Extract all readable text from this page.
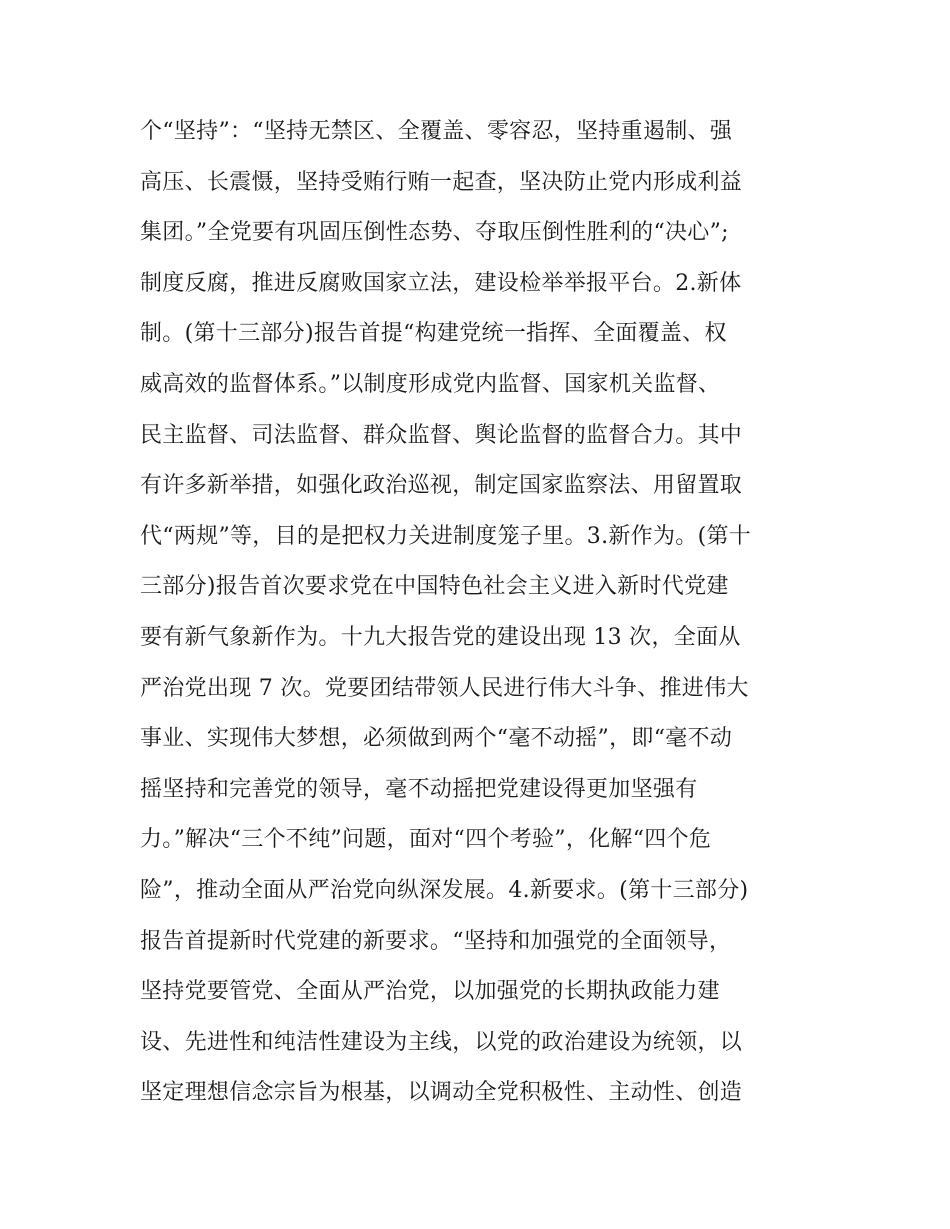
个“坚持”：“坚持无禁区、全覆盖、零容忍，坚持重遏制、强
高压、长震慑，坚持受贿行贿一起查，坚决防止党内形成利益
集团。”全党要有巩固压倒性态势、夺取压倒性胜利的“决心”;
制度反腐，推进反腐败国家立法，建设检举举报平台。2.新体
制。(第十三部分)报告首提“构建党统一指挥、全面覆盖、权
威高效的监督体系。”以制度形成党内监督、国家机关监督、
民主监督、司法监督、群众监督、舆论监督的监督合力。其中
有许多新举措，如强化政治巡视，制定国家监察法、用留置取
代“两规”等，目的是把权力关进制度笼子里。3.新作为。(第十
三部分)报告首次要求党在中国特色社会主义进入新时代党建
要有新气象新作为。十九大报告党的建设出现 13 次，全面从
严治党出现 7 次。党要团结带领人民进行伟大斗争、推进伟大
事业、实现伟大梦想，必须做到两个“毫不动摇”，即“毫不动
摇坚持和完善党的领导，毫不动摇把党建设得更加坚强有
力。”解决“三个不纯”问题，面对“四个考验”，化解“四个危
险”，推动全面从严治党向纵深发展。4.新要求。(第十三部分)
报告首提新时代党建的新要求。“坚持和加强党的全面领导，
坚持党要管党、全面从严治党，以加强党的长期执政能力建
设、先进性和纯洁性建设为主线，以党的政治建设为统领，以
坚定理想信念宗旨为根基，以调动全党积极性、主动性、创造
